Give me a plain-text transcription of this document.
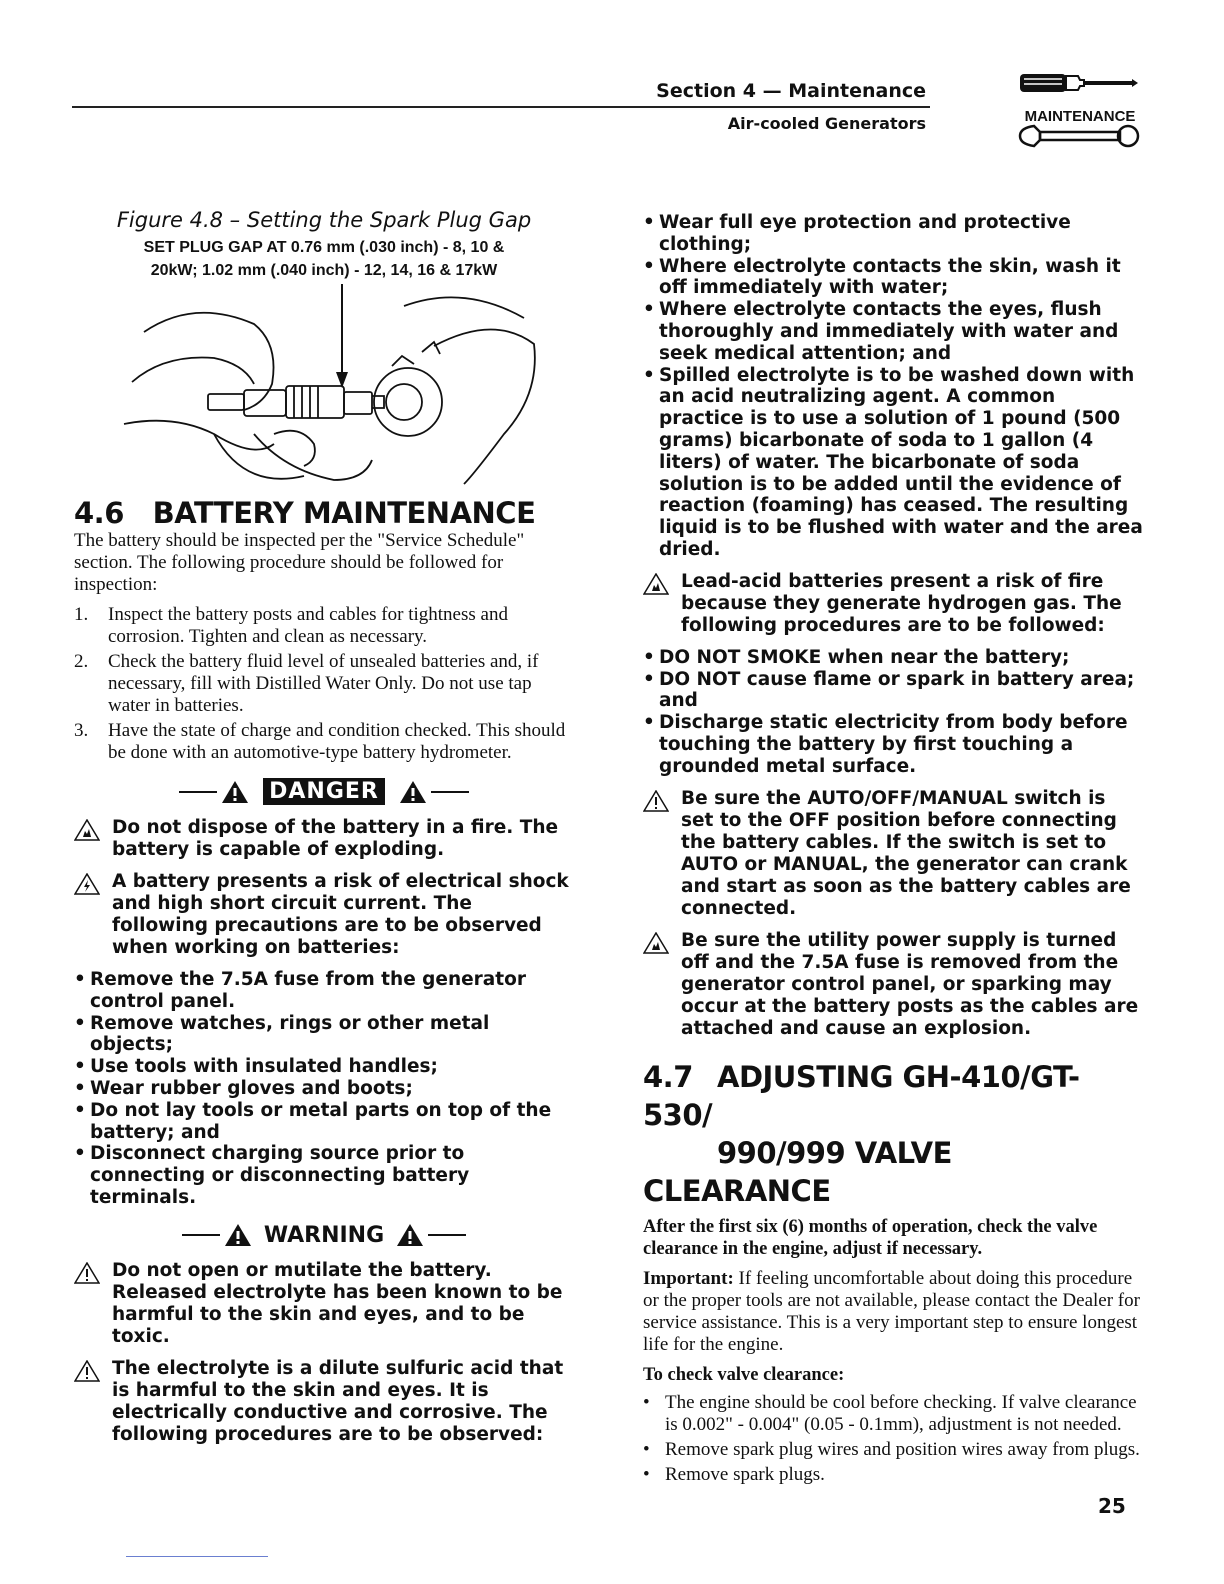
Section 4 — Maintenance
Air-cooled Generators	MAINTENANCE

Figure 4.8 – Setting the Spark Plug Gap

SET PLUG GAP AT 0.76 mm (.030 inch) - 8, 10 &

20kW; 1.02 mm (.040 inch) - 12, 14, 16 & 17kW

4.6 BATTERY MAINTENANCE

The battery should be inspected per the "Service Schedule" section. The following procedure should be followed for inspection:

1.	Inspect the battery posts and cables for tightness and corrosion. Tighten and clean as necessary.
2.	Check the battery fluid level of unsealed batteries and, if necessary, fill with Distilled Water Only. Do not use tap water in batteries.
3.	Have the state of charge and condition checked. This should be done with an automotive-type battery hydrometer.
DANGER
Do not dispose of the battery in a fire. The battery is capable of exploding.
A battery presents a risk of electrical shock and high short circuit current. The following precautions are to be observed when working on batteries:
• Remove the 7.5A fuse from the generator control panel.
• Remove watches, rings or other metal objects;
• Use tools with insulated handles;
• Wear rubber gloves and boots;
• Do not lay tools or metal parts on top of the battery; and
• Disconnect charging source prior to connecting or disconnecting battery terminals.
WARNING
Do not open or mutilate the battery. Released electrolyte has been known to be harmful to the skin and eyes, and to be toxic.
The electrolyte is a dilute sulfuric acid that is harmful to the skin and eyes. It is electrically conductive and corrosive. The following procedures are to be observed:
• Wear full eye protection and protective clothing;
• Where electrolyte contacts the skin, wash it off immediately with water;
• Where electrolyte contacts the eyes, flush thoroughly and immediately with water and seek medical attention; and
• Spilled electrolyte is to be washed down with an acid neutralizing agent. A common practice is to use a solution of 1 pound (500 grams) bicarbonate of soda to 1 gallon (4 liters) of water. The bicarbonate of soda solution is to be added until the evidence of reaction (foaming) has ceased. The resulting liquid is to be flushed with water and the area dried.
Lead-acid batteries present a risk of fire because they generate hydrogen gas. The following procedures are to be followed:
• DO NOT SMOKE when near the battery;
• DO NOT cause flame or spark in battery area; and
• Discharge static electricity from body before touching the battery by first touching a grounded metal surface.
Be sure the AUTO/OFF/MANUAL switch is set to the OFF position before connecting the battery cables. If the switch is set to AUTO or MANUAL, the generator can crank and start as soon as the battery cables are connected.
Be sure the utility power supply is turned off and the 7.5A fuse is removed from the generator control panel, or sparking may occur at the battery posts as the cables are attached and cause an explosion.
4.7 ADJUSTING GH-410/GT-530/
990/999 VALVE CLEARANCE

After the first six (6) months of operation, check the valve clearance in the engine, adjust if necessary.

Important: If feeling uncomfortable about doing this procedure or the proper tools are not available, please contact the Dealer for service assistance. This is a very important step to ensure longest life for the engine.

To check valve clearance:

• The engine should be cool before checking. If valve clearance is 0.002" - 0.004" (0.05 - 0.1mm), adjustment is not needed.
• Remove spark plug wires and position wires away from plugs.
• Remove spark plugs.
25
